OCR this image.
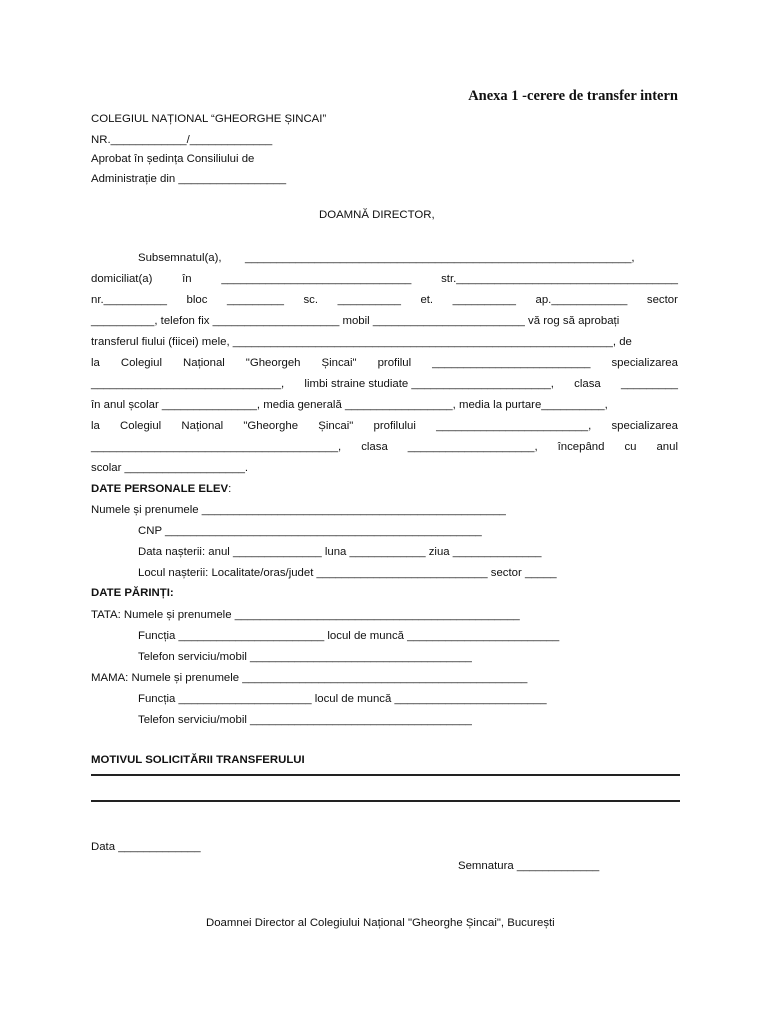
Anexa 1 -cerere de transfer intern
COLEGIUL NAȚIONAL “GHEORGHE ȘINCAI”
NR.____________/_____________
Aprobat în ședința Consiliului de
Administrație din _________________
DOAMNĂ DIRECTOR,
Subsemnatul(a), _____________________________________________________________,
domiciliat(a)	în	______________________________	str.___________________________________
nr.__________ bloc _________ sc. __________ et. __________ ap.____________ sector
__________, telefon fix ____________________ mobil ________________________ vă rog să aprobați
transferul fiului (fiicei) mele, ____________________________________________________________, de
la Colegiul Național "Gheorgeh Șincai" profilul _________________________ specializarea
______________________________, limbi straine studiate ______________________, clasa _________
în anul școlar _______________, media generală _________________, media la purtare__________,
la Colegiul Național "Gheorghe Șincai" profilului ________________________, specializarea
_______________________________________, clasa ____________________, începând cu anul
scolar ___________________.
DATE PERSONALE ELEV:
Numele și prenumele ________________________________________________
CNP __________________________________________________
Data nașterii: anul ______________ luna ____________ ziua ______________
Locul nașterii: Localitate/oras/judet ___________________________ sector _____
DATE PĂRINȚI:
TATA: Numele și prenumele _____________________________________________
Funcția _______________________ locul de muncă ________________________
Telefon serviciu/mobil ___________________________________
MAMA: Numele și prenumele _____________________________________________
Funcția _____________________ locul de muncă ________________________
Telefon serviciu/mobil ___________________________________
MOTIVUL SOLICITĂRII TRANSFERULUI
Data _____________
Semnatura _____________
Doamnei Director al Colegiului Național "Gheorghe Șincai", București
